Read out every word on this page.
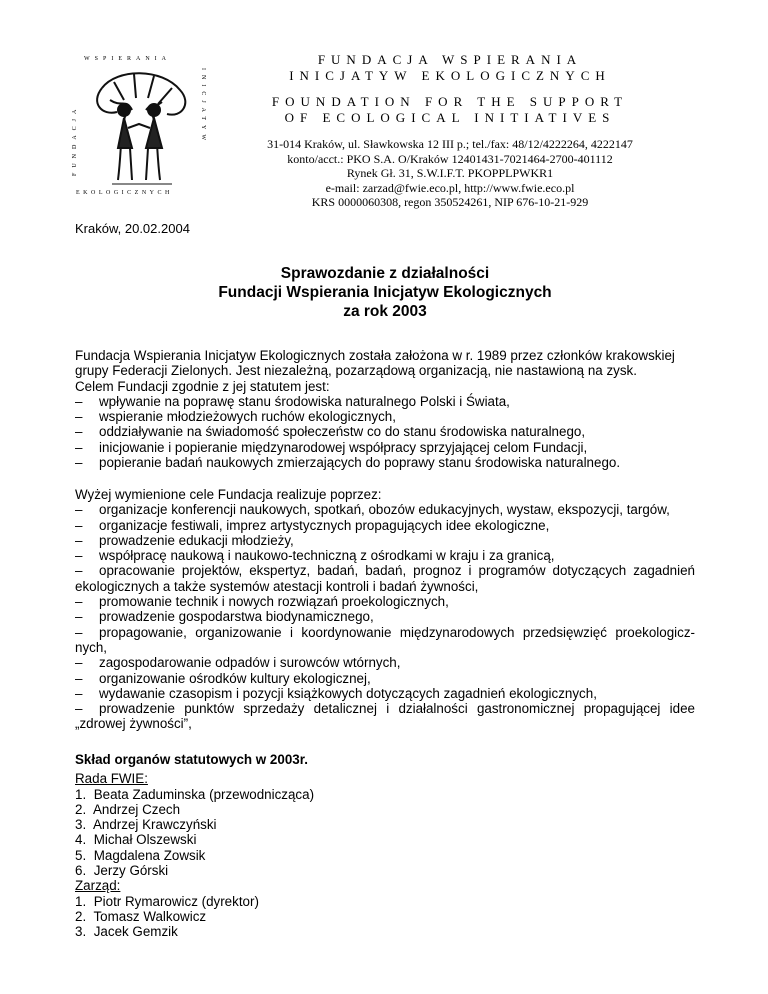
WSPIERANIA
FUNDACJA	INICJATYW
EKOLOGICZNYCH
FUNDACJA WSPIERANIA
INICJATYW EKOLOGICZNYCH
FOUNDATION FOR THE SUPPORT
OF ECOLOGICAL INITIATIVES
31-014 Kraków, ul. Sławkowska 12 III p.; tel./fax: 48/12/4222264, 4222147
konto/acct.: PKO S.A. O/Kraków 12401431-7021464-2700-401112
Rynek Gł. 31, S.W.I.F.T. PKOPPLPWKR1
e-mail: zarzad@fwie.eco.pl, http://www.fwie.eco.pl
KRS 0000060308, regon 350524261, NIP 676-10-21-929
Kraków, 20.02.2004
Sprawozdanie z działalności
Fundacji Wspierania Inicjatyw Ekologicznych
za rok 2003
Fundacja Wspierania Inicjatyw Ekologicznych została założona w r. 1989 przez członków krakowskiej grupy Federacji Zielonych. Jest niezależną, pozarządową organizacją, nie nastawioną na zysk.
Celem Fundacji zgodnie z jej statutem jest:
– wpływanie na poprawę stanu środowiska naturalnego Polski i Świata,
– wspieranie młodzieżowych ruchów ekologicznych,
– oddziaływanie na świadomość społeczeństw co do stanu środowiska naturalnego,
– inicjowanie i popieranie międzynarodowej współpracy sprzyjającej celom Fundacji,
– popieranie badań naukowych zmierzających do poprawy stanu środowiska naturalnego.
Wyżej wymienione cele Fundacja realizuje poprzez:
– organizacje konferencji naukowych, spotkań, obozów edukacyjnych, wystaw, ekspozycji, targów,
– organizacje festiwali, imprez artystycznych propagujących idee ekologiczne,
– prowadzenie edukacji młodzieży,
– współpracę naukową i naukowo-techniczną z ośrodkami w kraju i za granicą,
– opracowanie projektów, ekspertyz, badań, badań, prognoz i programów dotyczących zagadnień ekologicznych a także systemów atestacji kontroli i badań żywności,
– promowanie technik i nowych rozwiązań proekologicznych,
– prowadzenie gospodarstwa biodynamicznego,
– propagowanie, organizowanie i koordynowanie międzynarodowych przedsięwzięć proekologicz-nych,
– zagospodarowanie odpadów i surowców wtórnych,
– organizowanie ośrodków kultury ekologicznej,
– wydawanie czasopism i pozycji książkowych dotyczących zagadnień ekologicznych,
– prowadzenie punktów sprzedaży detalicznej i działalności gastronomicznej propagującej idee „zdrowej żywności”,
Skład organów statutowych w 2003r.
Rada FWIE:
1. Beata Zaduminska (przewodnicząca)
2. Andrzej Czech
3. Andrzej Krawczyński
4. Michał Olszewski
5. Magdalena Zowsik
6. Jerzy Górski
Zarząd:
1. Piotr Rymarowicz (dyrektor)
2. Tomasz Walkowicz
3. Jacek Gemzik
